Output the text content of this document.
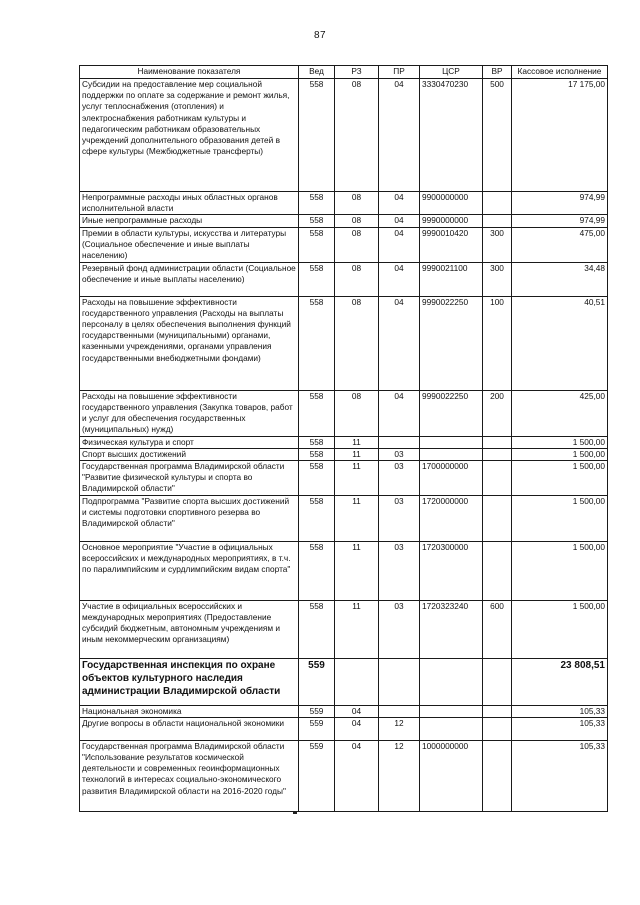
87
Наименование показателя	Вед	РЗ	ПР	ЦСР	ВР	Кассовое исполнение
Субсидии на предоставление мер социальной поддержки по оплате за содержание и ремонт жилья, услуг теплоснабжения (отопления) и электроснабжения работникам культуры и педагогическим работникам образовательных учреждений дополнительного образования детей в сфере культуры (Межбюджетные трансферты)	558	08	04	3330470230	500	17 175,00
Непрограммные расходы иных областных органов исполнительной власти	558	08	04	9900000000		974,99
Иные непрограммные расходы	558	08	04	9990000000		974,99
Премии в области культуры, искусства и литературы (Социальное обеспечение и иные выплаты населению)	558	08	04	9990010420	300	475,00
Резервный фонд администрации области (Социальное обеспечение и иные выплаты населению)	558	08	04	9990021100	300	34,48
Расходы на повышение эффективности государственного управления (Расходы на выплаты персоналу в целях обеспечения выполнения функций государственными (муниципальными) органами, казенными учреждениями, органами управления государственными внебюджетными фондами)	558	08	04	9990022250	100	40,51
Расходы на повышение эффективности государственного управления (Закупка товаров, работ и услуг для обеспечения государственных (муниципальных) нужд)	558	08	04	9990022250	200	425,00
Физическая культура и спорт	558	11				1 500,00
Спорт высших достижений	558	11	03			1 500,00
Государственная программа Владимирской области "Развитие физической культуры и спорта во Владимирской области"	558	11	03	1700000000		1 500,00
Подпрограмма "Развитие спорта высших достижений и системы подготовки спортивного резерва во Владимирской области"	558	11	03	1720000000		1 500,00
Основное мероприятие "Участие в официальных всероссийских и международных мероприятиях, в т.ч. по паралимпийским и сурдлимпийским видам спорта"	558	11	03	1720300000		1 500,00
Участие в официальных всероссийских и международных мероприятиях (Предоставление субсидий бюджетным, автономным учреждениям и иным некоммерческим организациям)	558	11	03	1720323240	600	1 500,00
Государственная инспекция по охране объектов культурного наследия администрации Владимирской области	559					23 808,51
Национальная экономика	559	04				105,33
Другие вопросы в области национальной экономики	559	04	12			105,33
Государственная программа Владимирской области "Использование результатов космической деятельности и современных геоинформационных технологий в интересах социально-экономического развития Владимирской области на 2016-2020 годы"	559	04	12	1000000000		105,33
